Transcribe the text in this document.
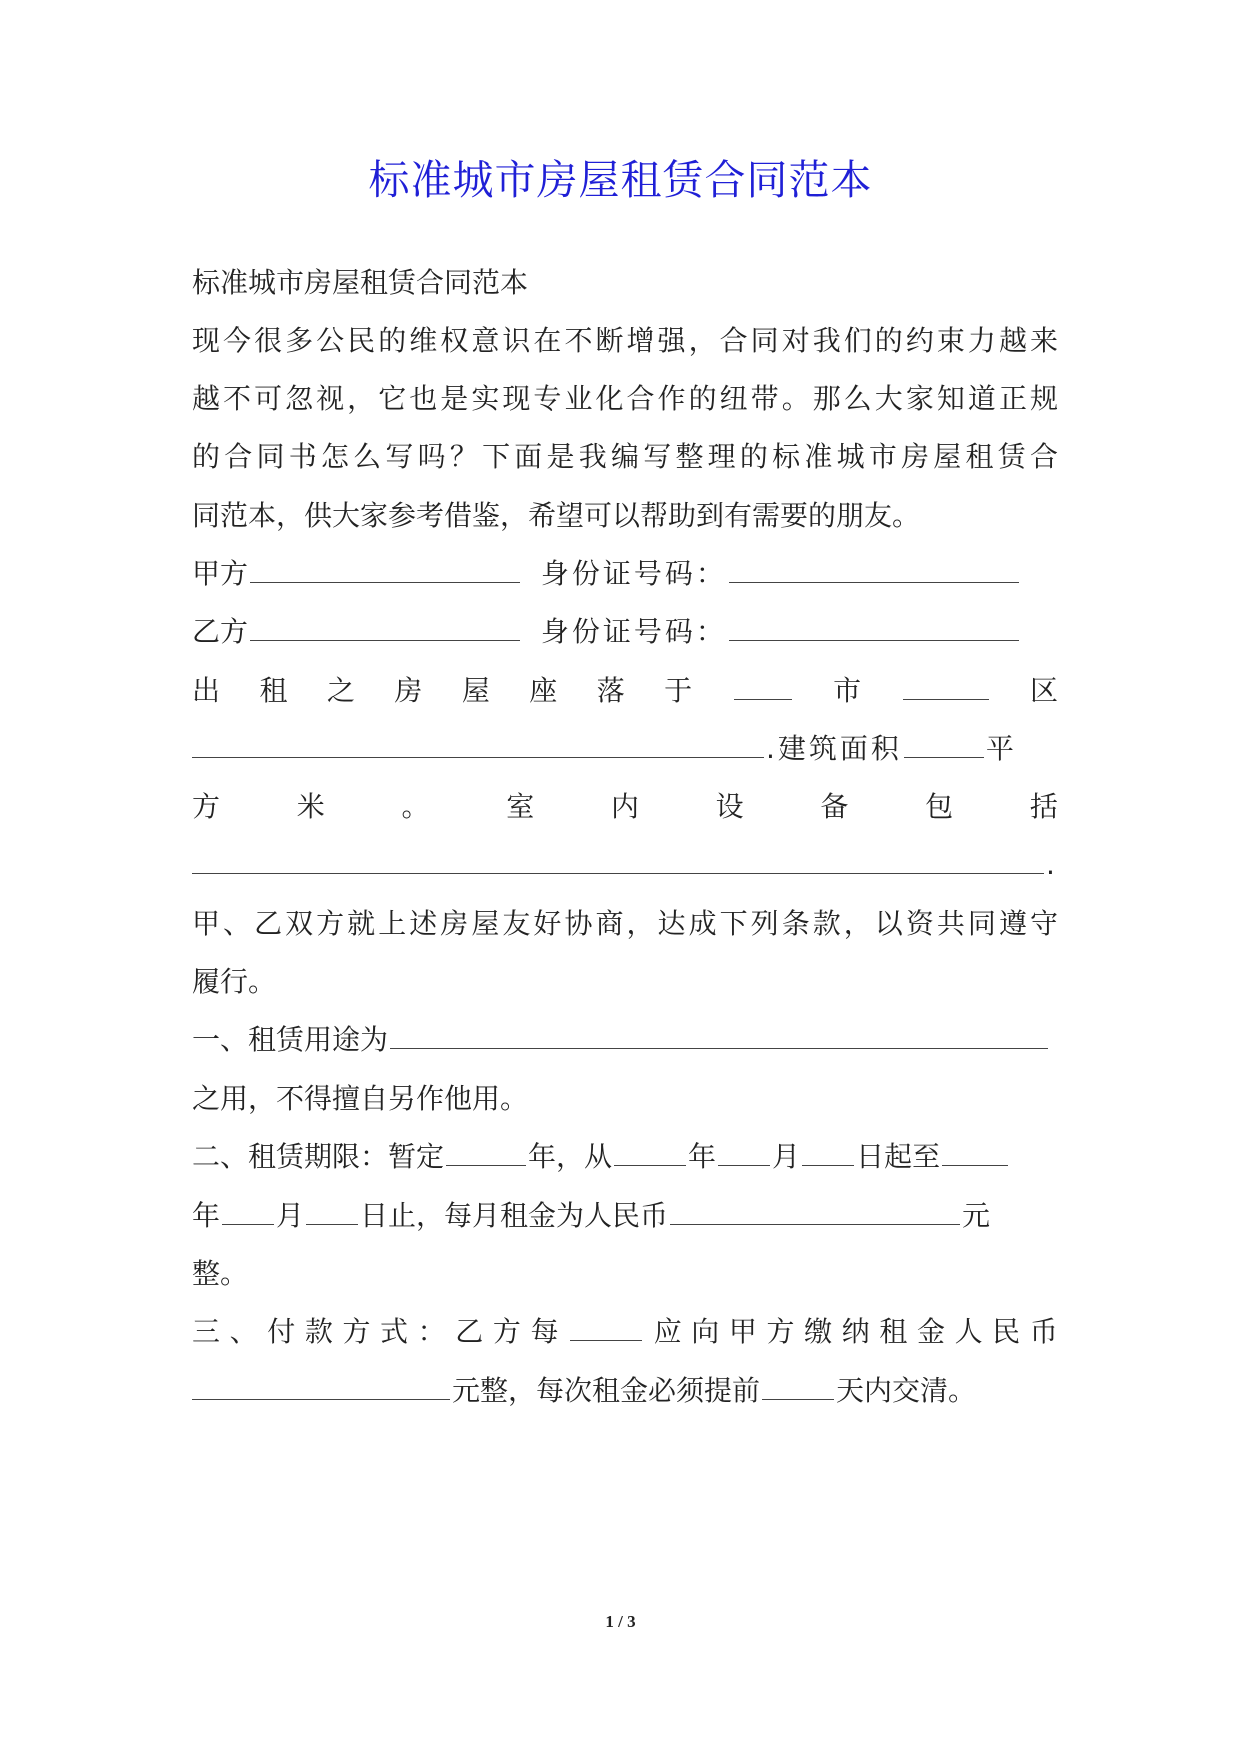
标准城市房屋租赁合同范本
标准城市房屋租赁合同范本
现今很多公民的维权意识在不断增强，合同对我们的约束力越来
越不可忽视，它也是实现专业化合作的纽带。那么大家知道正规
的合同书怎么写吗？下面是我编写整理的标准城市房屋租赁合
同范本，供大家参考借鉴，希望可以帮助到有需要的朋友。
甲方	身份证号码：
乙方	身份证号码：
出 租 之 房 屋 座 落 于	市	区
.建筑面积	平
方	米	。	室	内	设	备	包	括
.
甲、乙双方就上述房屋友好协商，达成下列条款，以资共同遵守
履行。
一、租赁用途为
之用，不得擅自另作他用。
二、租赁期限：暂定	年，从	年 月 日起至
年 月 日止，每月租金为人民币	元
整。
三 、 付 款 方 式 ： 乙 方 每	应 向 甲 方 缴 纳 租 金 人 民 币
元整，每次租金必须提前	天内交清。
1 / 3
